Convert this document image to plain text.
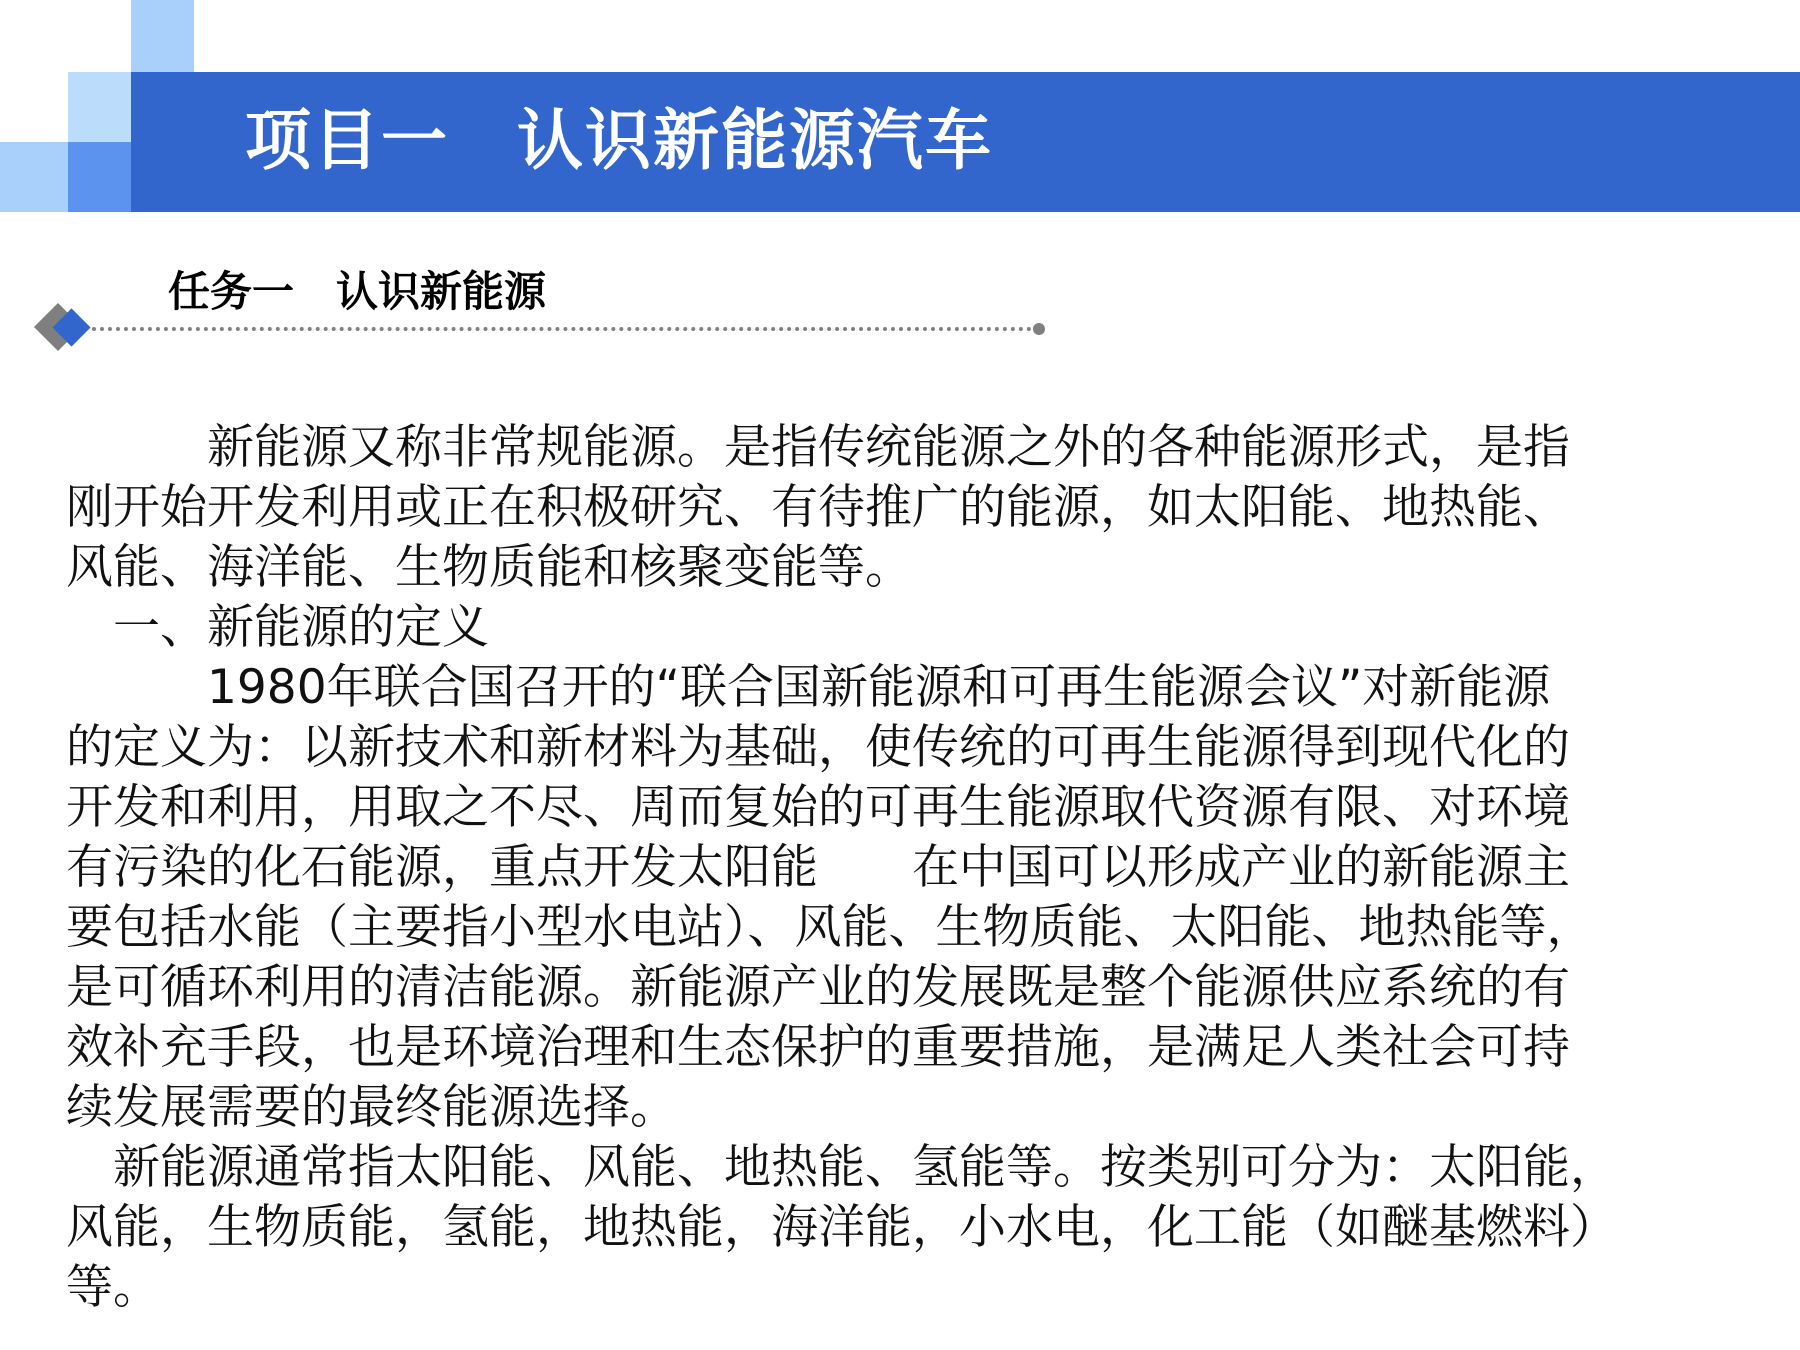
项目一　认识新能源汽车
任务一　认识新能源
　　　新能源又称非常规能源。是指传统能源之外的各种能源形式，是指
刚开始开发利用或正在积极研究、有待推广的能源，如太阳能、地热能、
风能、海洋能、生物质能和核聚变能等。
　一、新能源的定义
　　　1980年联合国召开的“联合国新能源和可再生能源会议”对新能源
的定义为：以新技术和新材料为基础，使传统的可再生能源得到现代化的
开发和利用，用取之不尽、周而复始的可再生能源取代资源有限、对环境
有污染的化石能源，重点开发太阳能　　在中国可以形成产业的新能源主
要包括水能（主要指小型水电站）、风能、生物质能、太阳能、地热能等，
是可循环利用的清洁能源。新能源产业的发展既是整个能源供应系统的有
效补充手段，也是环境治理和生态保护的重要措施，是满足人类社会可持
续发展需要的最终能源选择。
　新能源通常指太阳能、风能、地热能、氢能等。按类别可分为：太阳能，
风能，生物质能，氢能，地热能，海洋能，小水电，化工能（如醚基燃料）
等。
